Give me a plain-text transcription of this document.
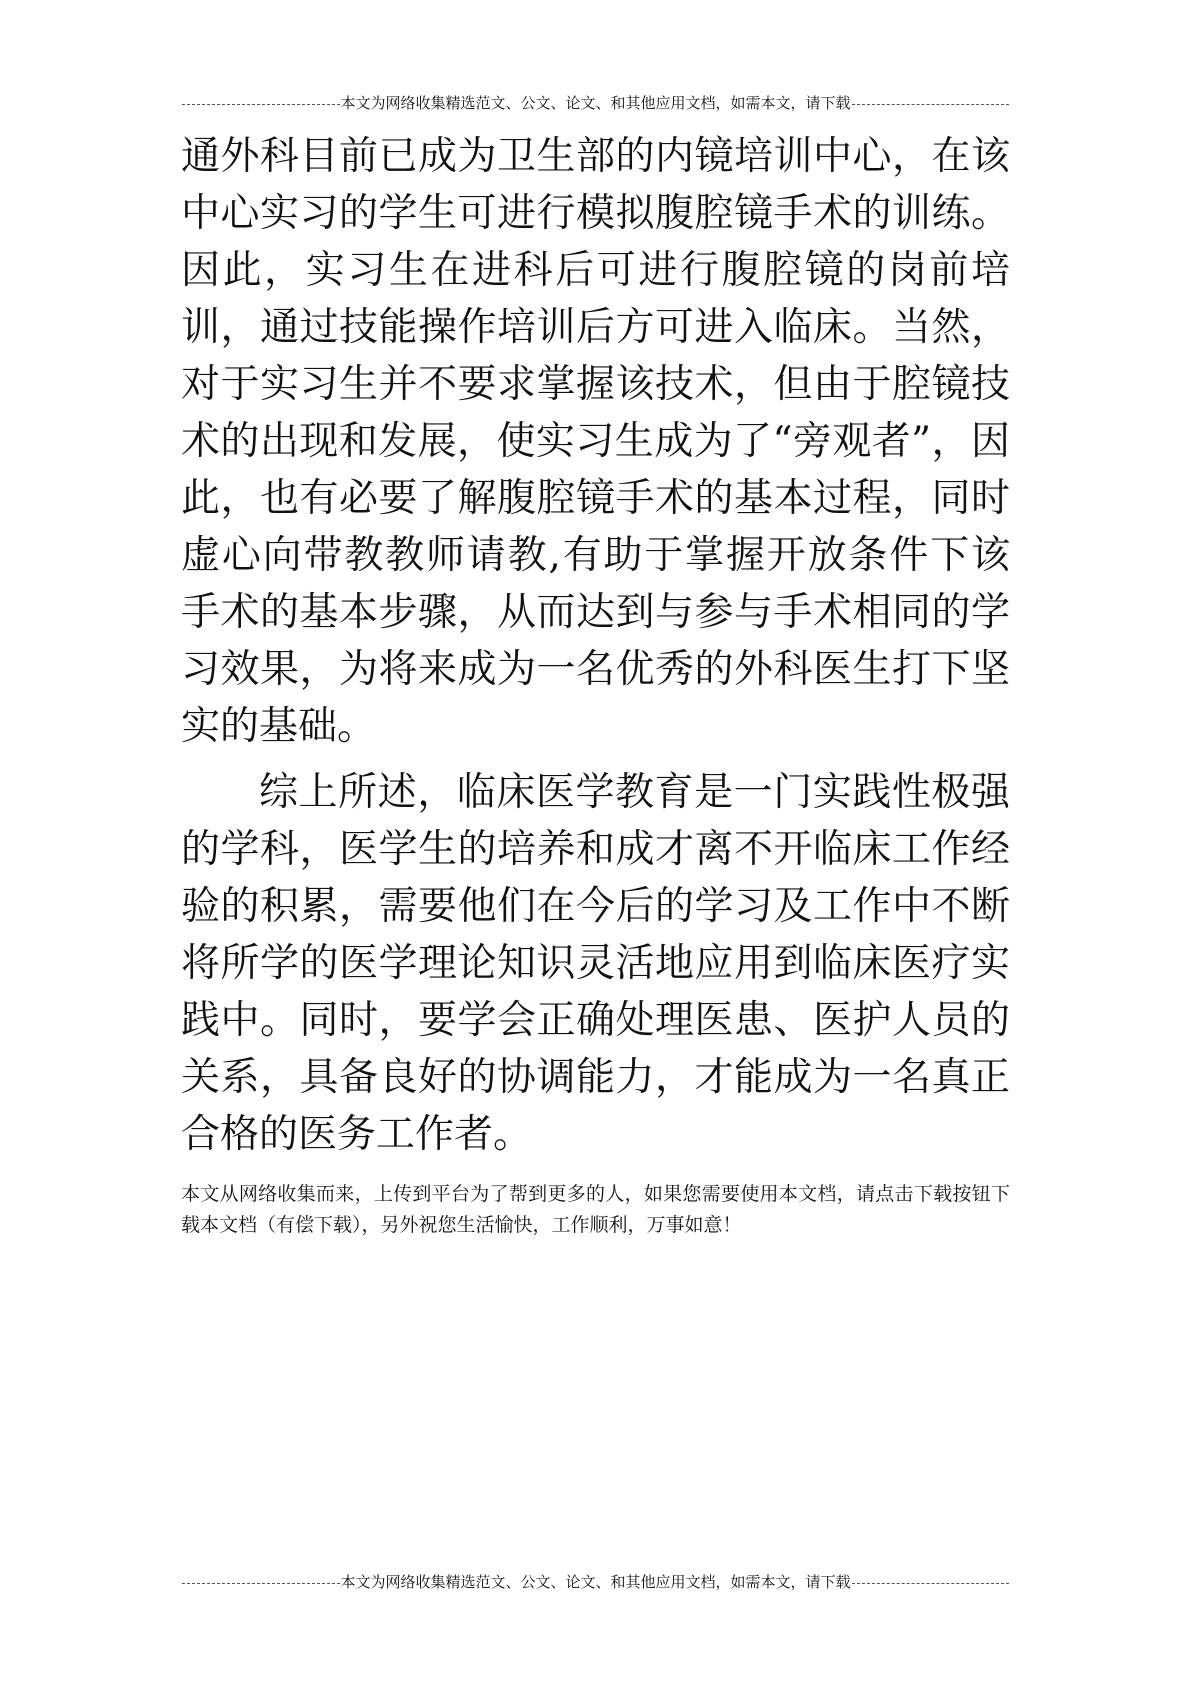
本文为网络收集精选范文、公文、论文、和其他应用文档，如需本文，请下载

通外科目前已成为卫生部的内镜培训中心，在该中心实习的学生可进行模拟腹腔镜手术的训练。因此，实习生在进科后可进行腹腔镜的岗前培训，通过技能操作培训后方可进入临床。当然，对于实习生并不要求掌握该技术，但由于腔镜技术的出现和发展，使实习生成为了“旁观者”，因此，也有必要了解腹腔镜手术的基本过程，同时虚心向带教教师请教,有助于掌握开放条件下该手术的基本步骤，从而达到与参与手术相同的学习效果，为将来成为一名优秀的外科医生打下坚实的基础。

综上所述，临床医学教育是一门实践性极强的学科，医学生的培养和成才离不开临床工作经验的积累，需要他们在今后的学习及工作中不断将所学的医学理论知识灵活地应用到临床医疗实践中。同时，要学会正确处理医患、医护人员的关系，具备良好的协调能力，才能成为一名真正合格的医务工作者。

本文从网络收集而来，上传到平台为了帮到更多的人，如果您需要使用本文档，请点击下载按钮下载本文档（有偿下载），另外祝您生活愉快，工作顺利，万事如意！
本文为网络收集精选范文、公文、论文、和其他应用文档，如需本文，请下载
